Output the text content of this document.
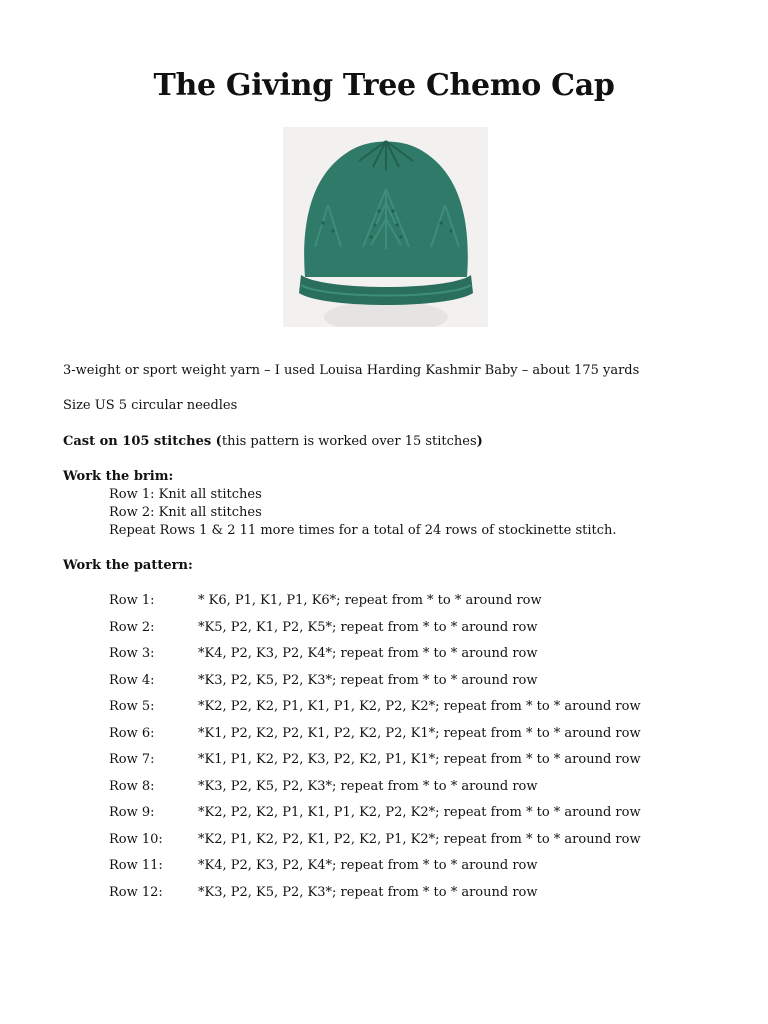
The Giving Tree Chemo Cap
3-weight or sport weight yarn – I used Louisa Harding Kashmir Baby – about 175 yards
Size US 5 circular needles
Cast on 105 stitches (this pattern is worked over 15 stitches)
Work the brim:
Row 1: Knit all stitches
Row 2: Knit all stitches
Repeat Rows 1 & 2 11 more times for a total of 24 rows of stockinette stitch.
Work the pattern:
Row 1:	* K6, P1, K1, P1, K6*; repeat from * to * around row
Row 2:	*K5, P2, K1, P2, K5*; repeat from * to * around row
Row 3:	*K4, P2, K3, P2, K4*; repeat from * to * around row
Row 4:	*K3, P2, K5, P2, K3*; repeat from * to * around row
Row 5:	*K2, P2, K2, P1, K1, P1, K2, P2, K2*; repeat from * to * around row
Row 6:	*K1, P2, K2, P2, K1, P2, K2, P2, K1*; repeat from * to * around row
Row 7:	*K1, P1, K2, P2, K3, P2, K2, P1, K1*; repeat from * to * around row
Row 8:	*K3, P2, K5, P2, K3*; repeat from * to * around row
Row 9:	*K2, P2, K2, P1, K1, P1, K2, P2, K2*; repeat from * to * around row
Row 10:	*K2, P1, K2, P2, K1, P2, K2, P1, K2*; repeat from * to * around row
Row 11:	*K4, P2, K3, P2, K4*; repeat from * to * around row
Row 12:	*K3, P2, K5, P2, K3*; repeat from * to * around row
